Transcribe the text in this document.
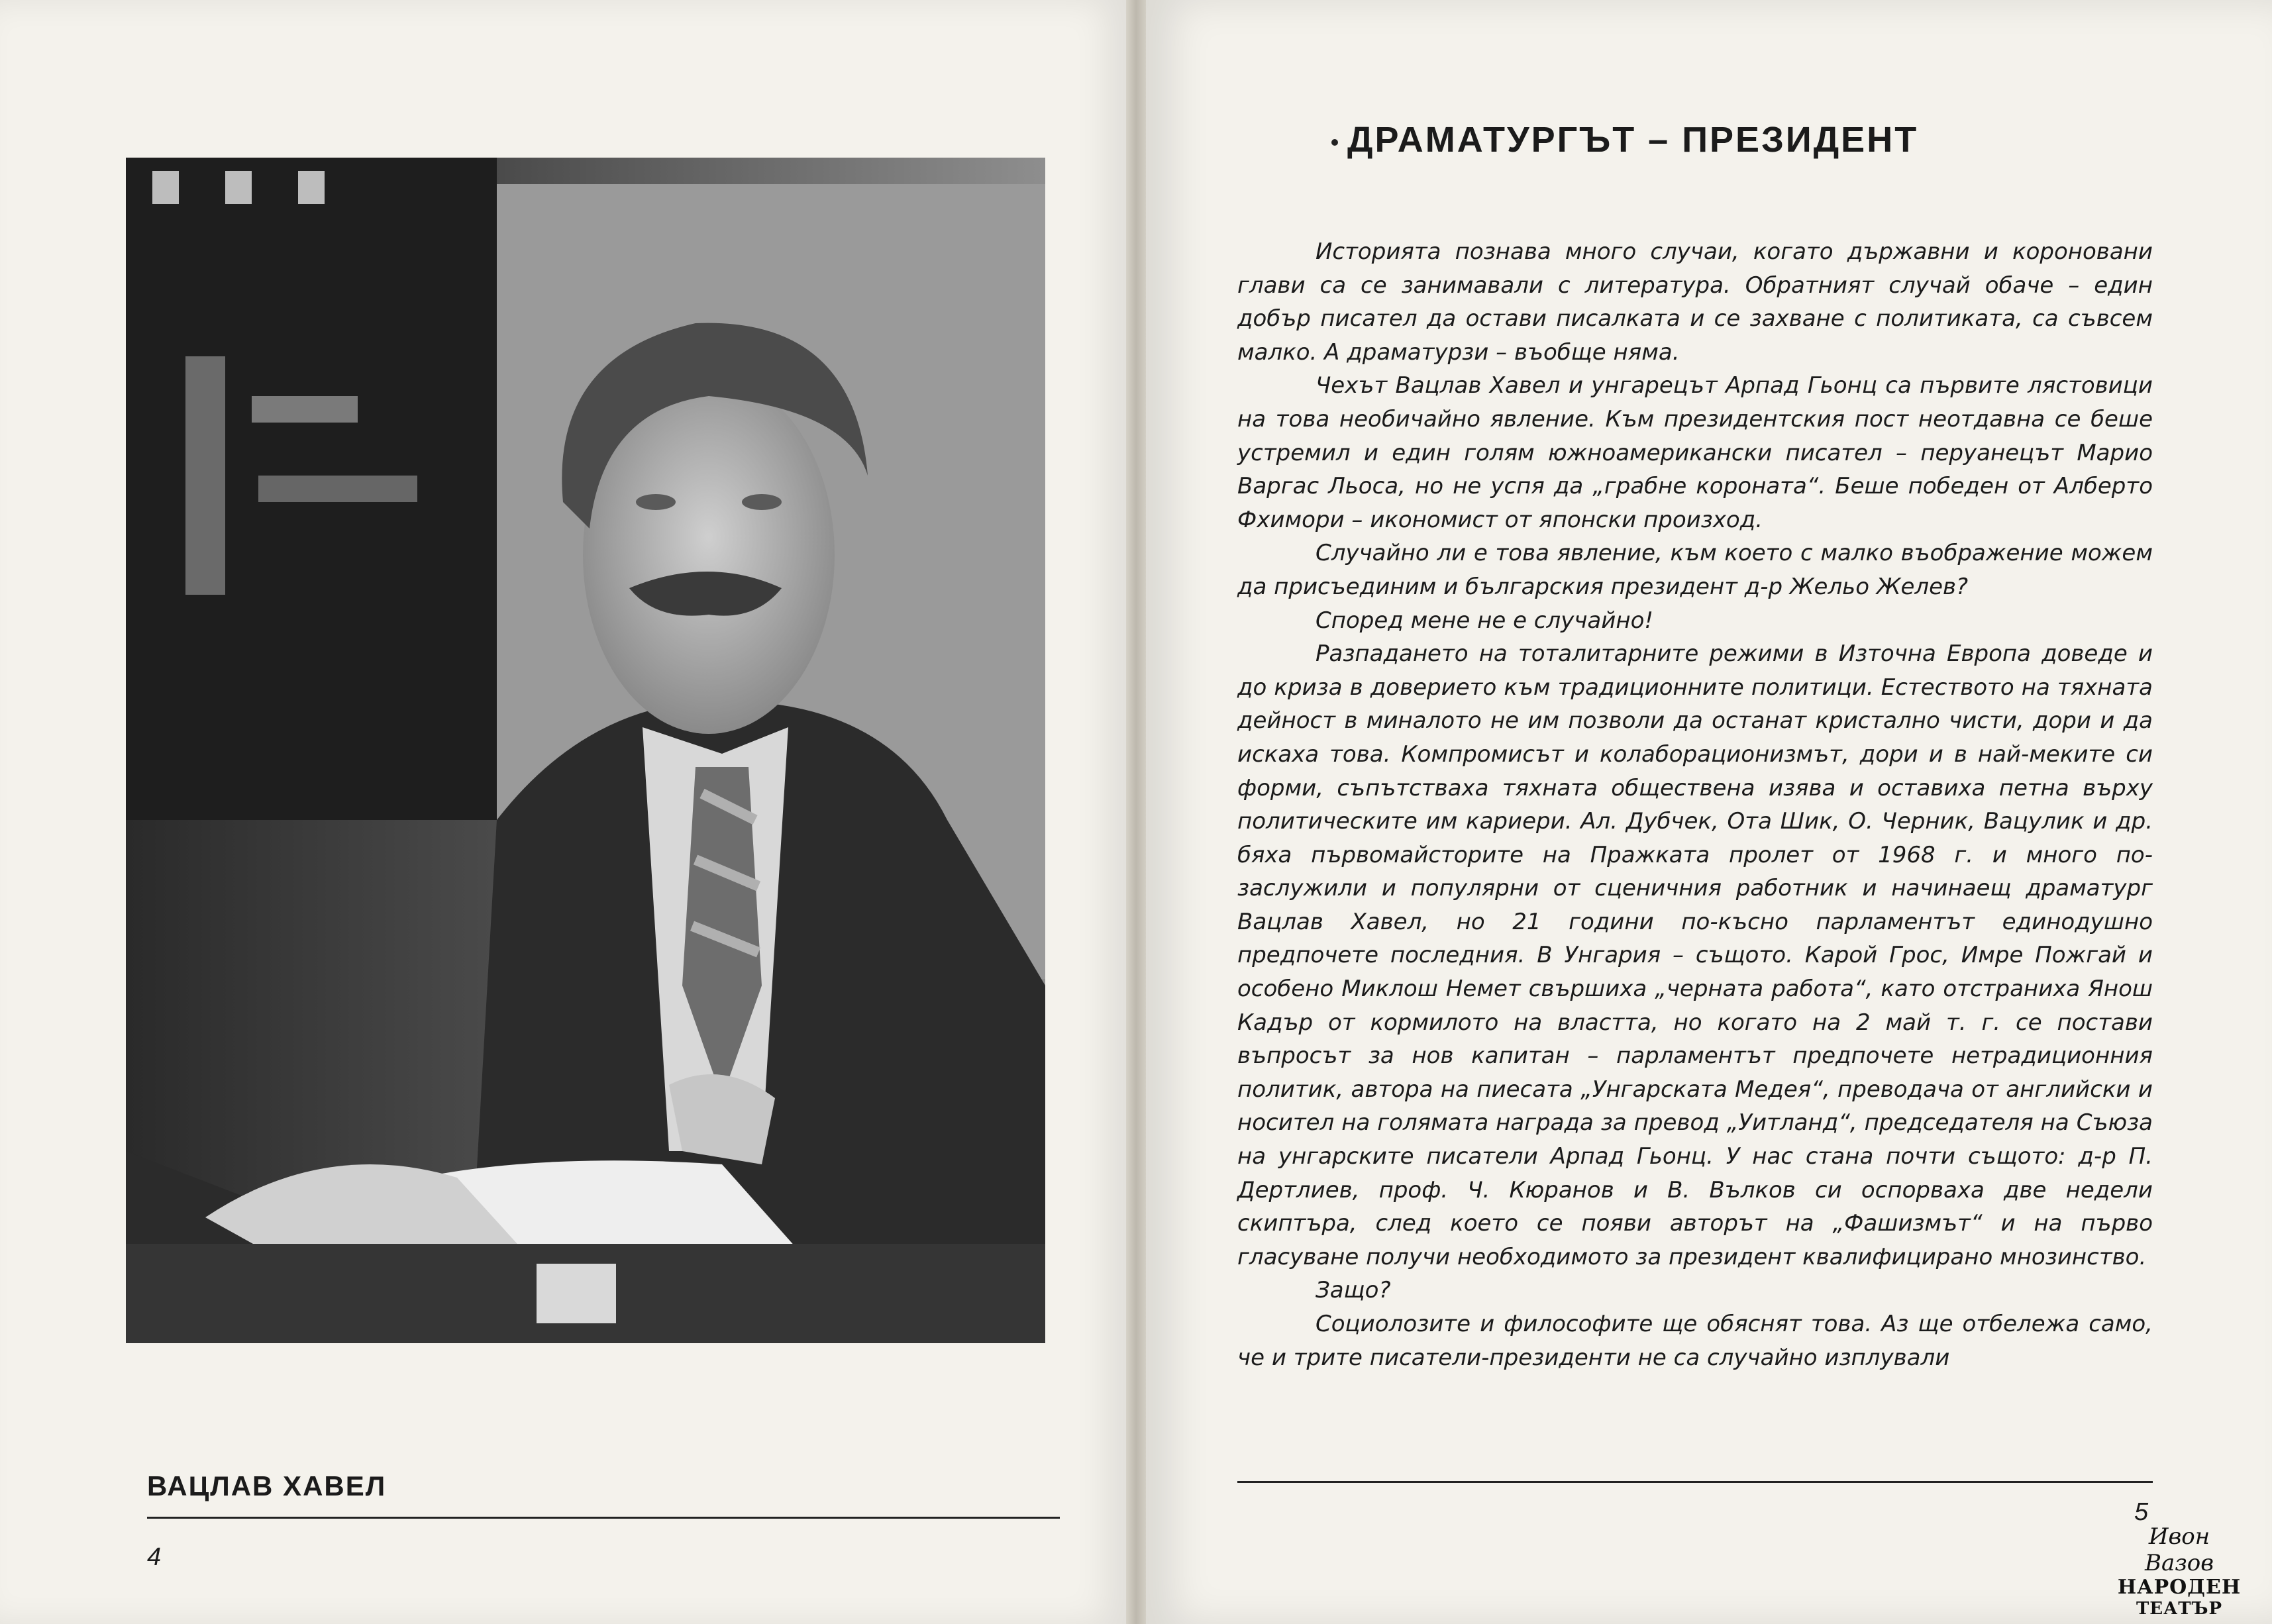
ВАЦЛАВ ХАВЕЛ
4
ДРАМАТУРГЪТ – ПРЕЗИДЕНТ

Историята познава много случаи, когато държавни и короновани глави са се занимавали с литература. Обратният случай обаче – един добър писател да остави писалката и се захване с политиката, са съвсем малко. А драматурзи – въобще няма.

Чехът Вацлав Хавел и унгарецът Арпад Гьонц са първите лястовици на това необичайно явление. Към президентския пост неотдавна се беше устремил и един голям южноамерикански писател – перуанецът Марио Варгас Льоса, но не успя да „грабне короната“. Беше победен от Алберто Фхимори – икономист от японски произход.

Случайно ли е това явление, към което с малко въображение можем да присъединим и българския президент д-р Жельо Желев?

Според мене не е случайно!

Разпадането на тоталитарните режими в Източна Европа доведе и до криза в доверието към традиционните политици. Естеството на тяхната дейност в миналото не им позволи да останат кристално чисти, дори и да искаха това. Компромисът и колаборационизмът, дори и в най-меките си форми, съпътстваха тяхната обществена изява и оставиха петна върху политическите им кариери. Ал. Дубчек, Ота Шик, О. Черник, Вацулик и др. бяха първомайсторите на Пражката пролет от 1968 г. и много по-заслужили и популярни от сценичния работник и начинаещ драматург Вацлав Хавел, но 21 години по-късно парламентът единодушно предпочете последния. В Унгария – същото. Карой Грос, Имре Пожгай и особено Миклош Немет свършиха „черната работа“, като отстраниха Янош Кадър от кормилото на властта, но когато на 2 май т. г. се постави въпросът за нов капитан – парламентът предпочете нетрадиционния политик, автора на пиесата „Унгарската Медея“, преводача от английски и носител на голямата награда за превод „Уитланд“, председателя на Съюза на унгарските писатели Арпад Гьонц. У нас стана почти същото: д-р П. Дертлиев, проф. Ч. Кюранов и В. Вълков си оспорваха две недели скиптъра, след което се появи авторът на „Фашизмът“ и на първо гласуване получи необходимото за президент квалифицирано мнозинство.

Защо?

Социолозите и философите ще обяснят това. Аз ще отбележа само, че и трите писатели-президенти не са случайно изплували

5
Ивон Вазов
НАРОДЕН
ТЕАТЪР
